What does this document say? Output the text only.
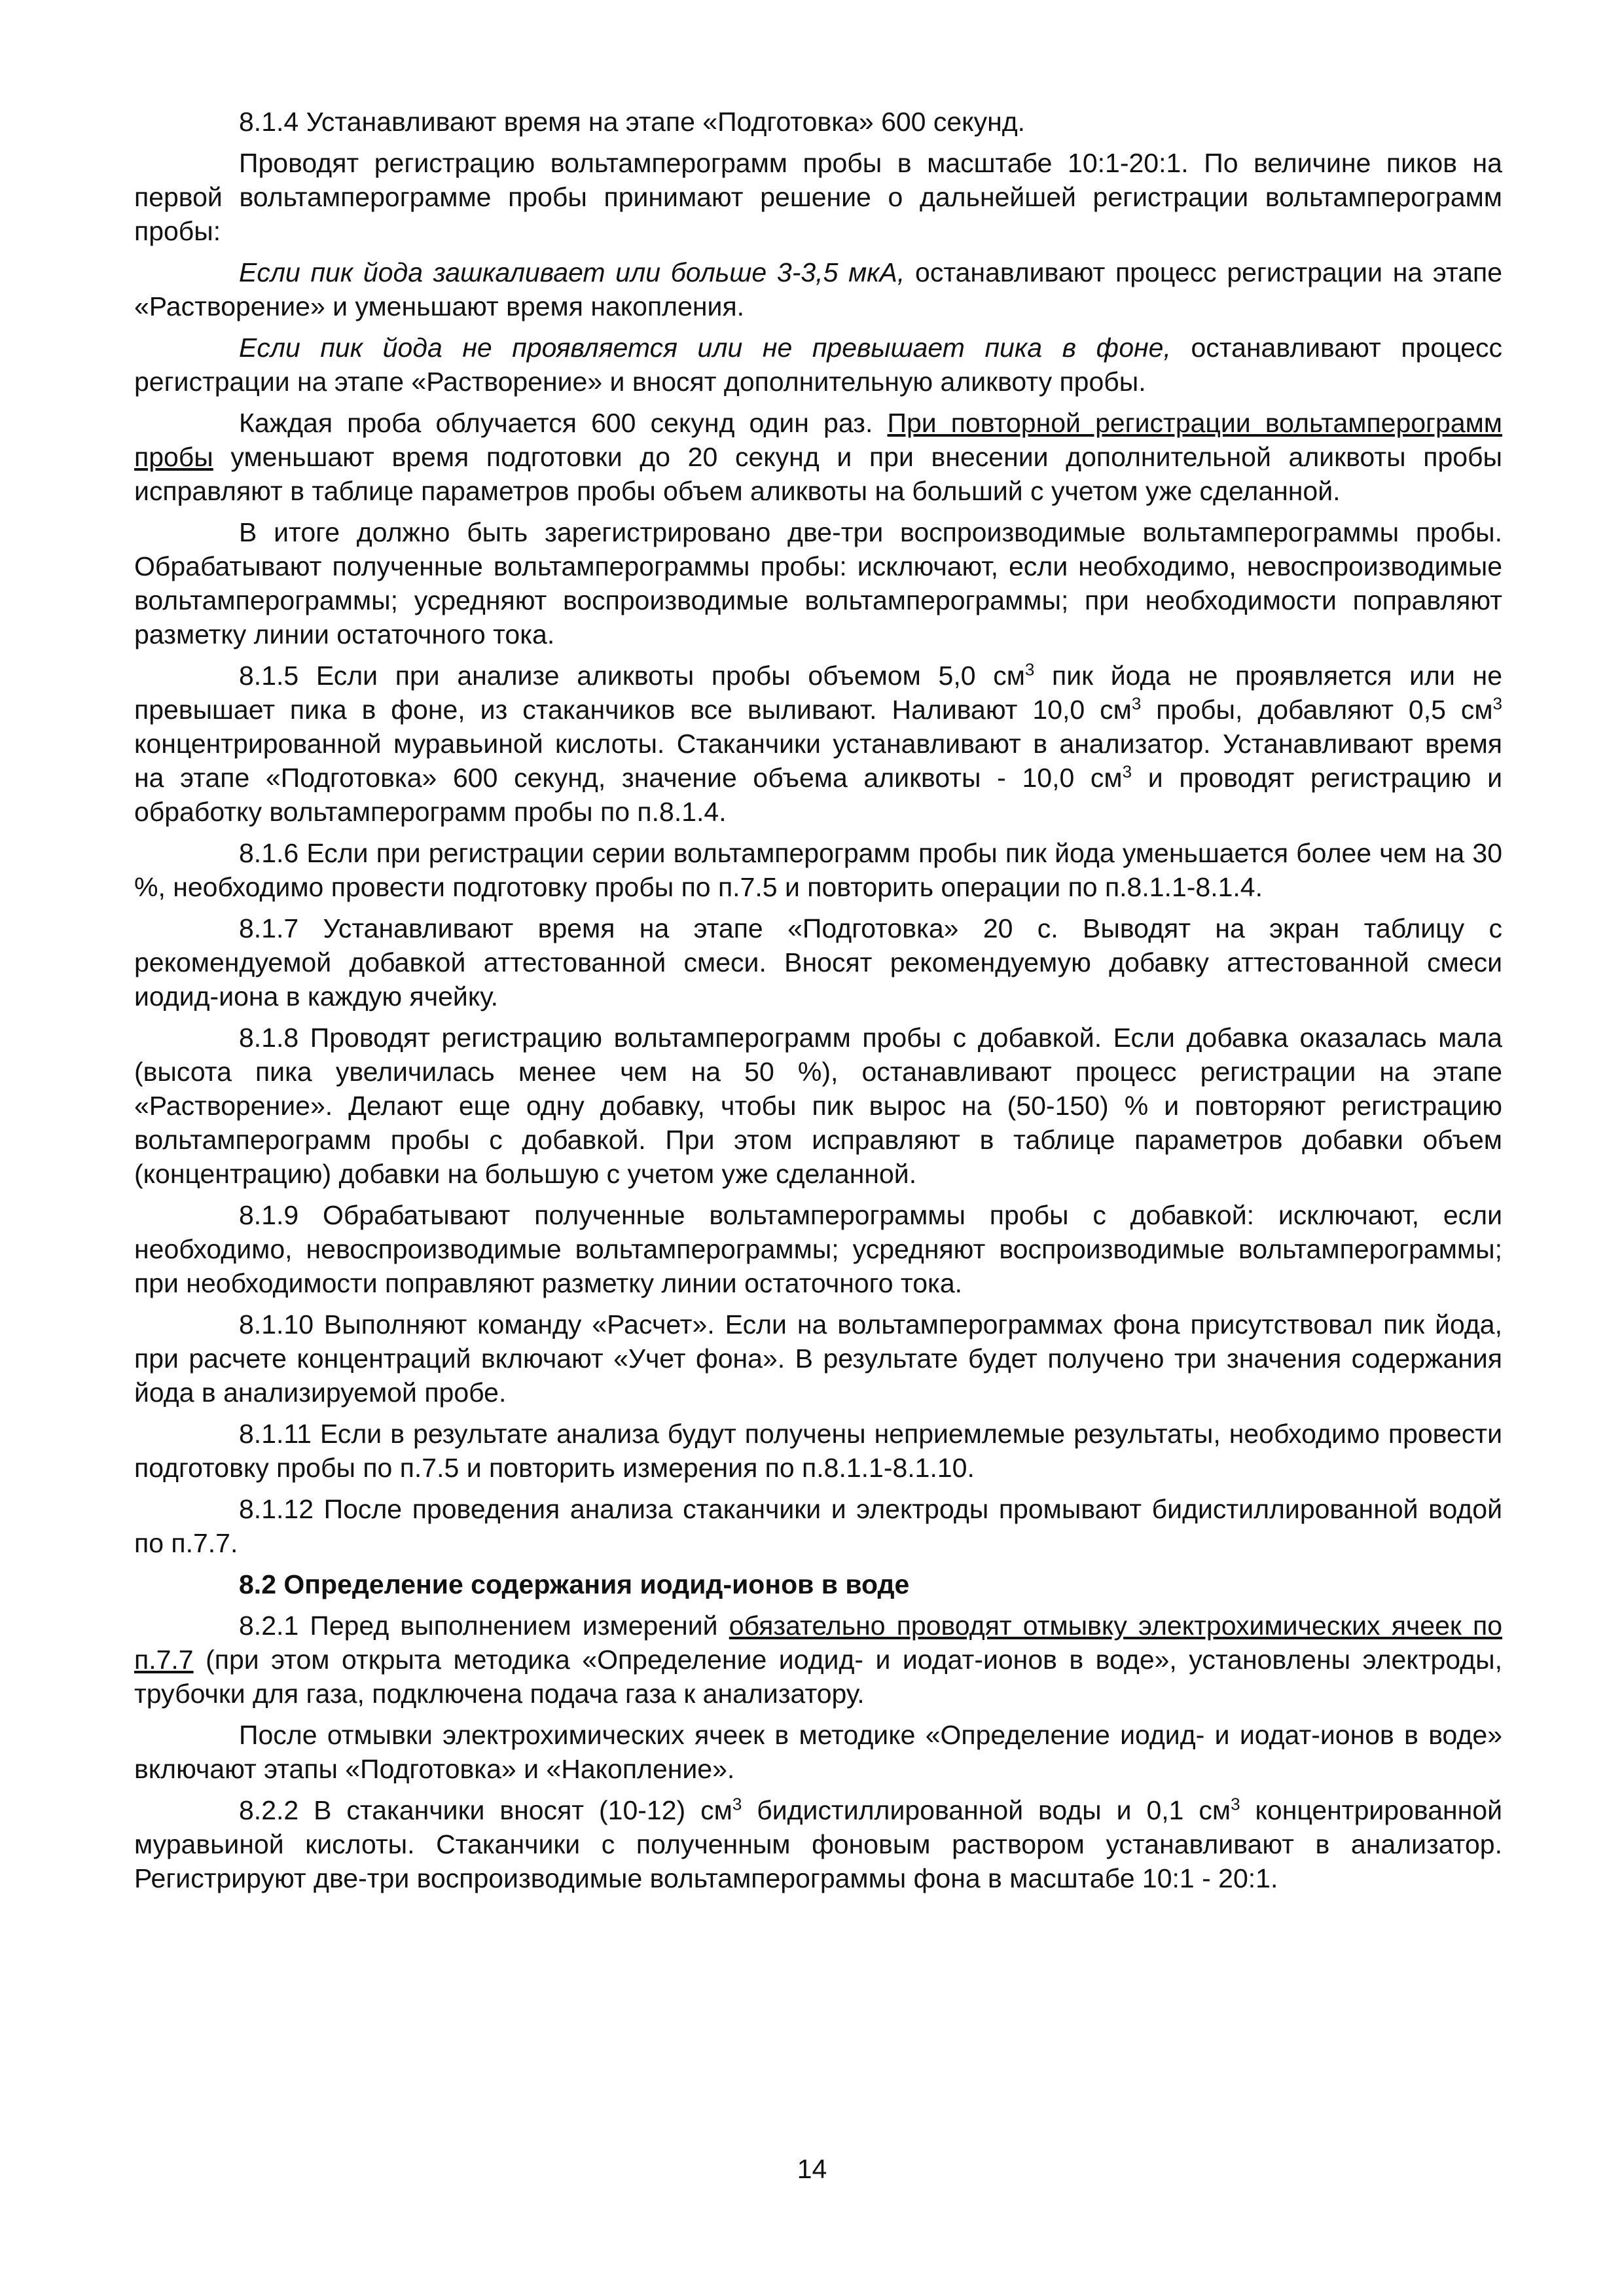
8.1.4 Устанавливают время на этапе «Подготовка» 600 секунд.

Проводят регистрацию вольтамперограмм пробы в масштабе 10:1-20:1. По величине пиков на первой вольтамперограмме пробы принимают решение о дальнейшей регистрации вольтамперограмм пробы:

Если пик йода зашкаливает или больше 3-3,5 мкА, останавливают процесс регистрации на этапе «Растворение» и уменьшают время накопления.

Если пик йода не проявляется или не превышает пика в фоне, останавливают процесс регистрации на этапе «Растворение» и вносят дополнительную аликвоту пробы.

Каждая проба облучается 600 секунд один раз. При повторной регистрации вольтамперограмм пробы уменьшают время подготовки до 20 секунд и при внесении дополнительной аликвоты пробы исправляют в таблице параметров пробы объем аликвоты на больший с учетом уже сделанной.

В итоге должно быть зарегистрировано две-три воспроизводимые вольтамперограммы пробы. Обрабатывают полученные вольтамперограммы пробы: исключают, если необходимо, невоспроизводимые вольтамперограммы; усредняют воспроизводимые вольтамперограммы; при необходимости поправляют разметку линии остаточного тока.

8.1.5 Если при анализе аликвоты пробы объемом 5,0 $см^3$ пик йода не проявляется или не превышает пика в фоне, из стаканчиков все выливают. Наливают 10,0 $см^3$ пробы, добавляют 0,5 $см^3$ концентрированной муравьиной кислоты. Стаканчики устанавливают в анализатор. Устанавливают время на этапе «Подготовка» 600 секунд, значение объема аликвоты - 10,0 $см^3$ и проводят регистрацию и обработку вольтамперограмм пробы по п.8.1.4.

8.1.6 Если при регистрации серии вольтамперограмм пробы пик йода уменьшается более чем на 30 %, необходимо провести подготовку пробы по п.7.5 и повторить операции по п.8.1.1-8.1.4.

8.1.7 Устанавливают время на этапе «Подготовка» 20 с. Выводят на экран таблицу с рекомендуемой добавкой аттестованной смеси. Вносят рекомендуемую добавку аттестованной смеси иодид-иона в каждую ячейку.

8.1.8 Проводят регистрацию вольтамперограмм пробы с добавкой. Если добавка оказалась мала (высота пика увеличилась менее чем на 50 %), останавливают процесс регистрации на этапе «Растворение». Делают еще одну добавку, чтобы пик вырос на (50-150) % и повторяют регистрацию вольтамперограмм пробы с добавкой. При этом исправляют в таблице параметров добавки объем (концентрацию) добавки на большую с учетом уже сделанной.

8.1.9 Обрабатывают полученные вольтамперограммы пробы с добавкой: исключают, если необходимо, невоспроизводимые вольтамперограммы; усредняют воспроизводимые вольтамперограммы; при необходимости поправляют разметку линии остаточного тока.

8.1.10 Выполняют команду «Расчет». Если на вольтамперограммах фона присутствовал пик йода, при расчете концентраций включают «Учет фона». В результате будет получено три значения содержания йода в анализируемой пробе.

8.1.11 Если в результате анализа будут получены неприемлемые результаты, необходимо провести подготовку пробы по п.7.5 и повторить измерения по п.8.1.1-8.1.10.

8.1.12 После проведения анализа стаканчики и электроды промывают бидистиллированной водой по п.7.7.

8.2 Определение содержания иодид-ионов в воде

8.2.1 Перед выполнением измерений обязательно проводят отмывку электрохимических ячеек по п.7.7 (при этом открыта методика «Определение иодид- и иодат-ионов в воде», установлены электроды, трубочки для газа, подключена подача газа к анализатору.

После отмывки электрохимических ячеек в методике «Определение иодид- и иодат-ионов в воде» включают этапы «Подготовка» и «Накопление».

8.2.2 В стаканчики вносят (10-12) $см^3$ бидистиллированной воды и 0,1 $см^3$ концентрированной муравьиной кислоты. Стаканчики с полученным фоновым раствором устанавливают в анализатор. Регистрируют две-три воспроизводимые вольтамперограммы фона в масштабе 10:1 - 20:1.

14
